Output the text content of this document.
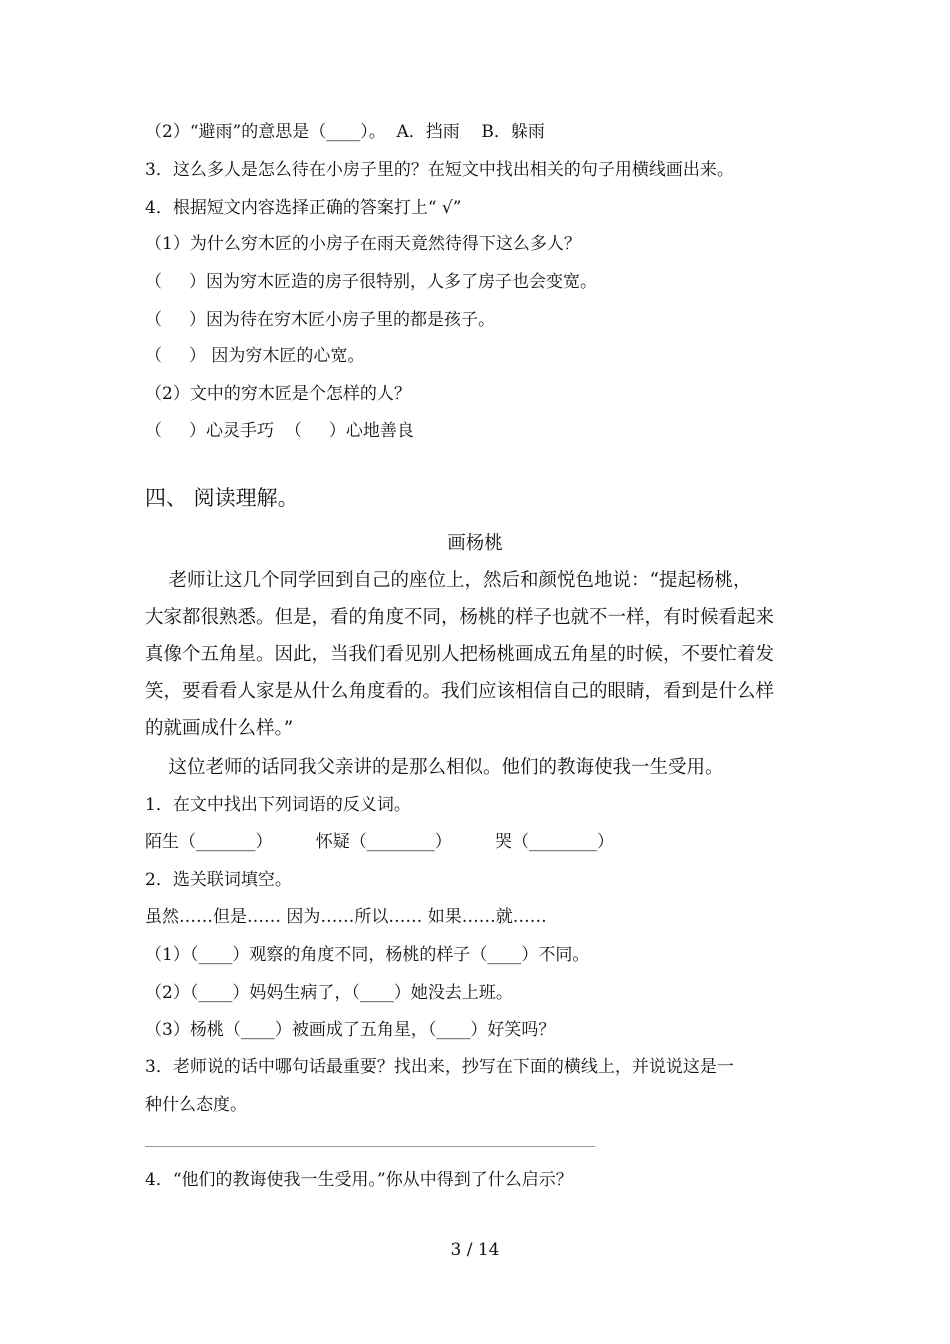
（2）“避雨”的意思是（____）。  A．挡雨    B．躲雨
3．这么多人是怎么待在小房子里的？在短文中找出相关的句子用横线画出来。
4．根据短文内容选择正确的答案打上“ √”
（1）为什么穷木匠的小房子在雨天竟然待得下这么多人？
（     ）因为穷木匠造的房子很特别，人多了房子也会变宽。
（     ）因为待在穷木匠小房子里的都是孩子。
（     ） 因为穷木匠的心宽。
（2）文中的穷木匠是个怎样的人？
（     ）心灵手巧  （     ）心地善良
四、 阅读理解。
画杨桃
老师让这几个同学回到自己的座位上，然后和颜悦色地说：“提起杨桃，
大家都很熟悉。但是，看的角度不同，杨桃的样子也就不一样，有时候看起来
真像个五角星。因此，当我们看见别人把杨桃画成五角星的时候，不要忙着发
笑，要看看人家是从什么角度看的。我们应该相信自己的眼睛，看到是什么样
的就画成什么样。”
这位老师的话同我父亲讲的是那么相似。他们的教诲使我一生受用。
1．在文中找出下列词语的反义词。
陌生（_______）        怀疑（________）        哭（________）
2．选关联词填空。
虽然……但是…… 因为……所以…… 如果……就……
（1）（____）观察的角度不同，杨桃的样子（____）不同。
（2）（____）妈妈生病了，（____）她没去上班。
（3）杨桃（____）被画成了五角星，（____）好笑吗？
3．老师说的话中哪句话最重要？找出来，抄写在下面的横线上，并说说这是一
种什么态度。
4．“他们的教诲使我一生受用。”你从中得到了什么启示？
3 / 14
